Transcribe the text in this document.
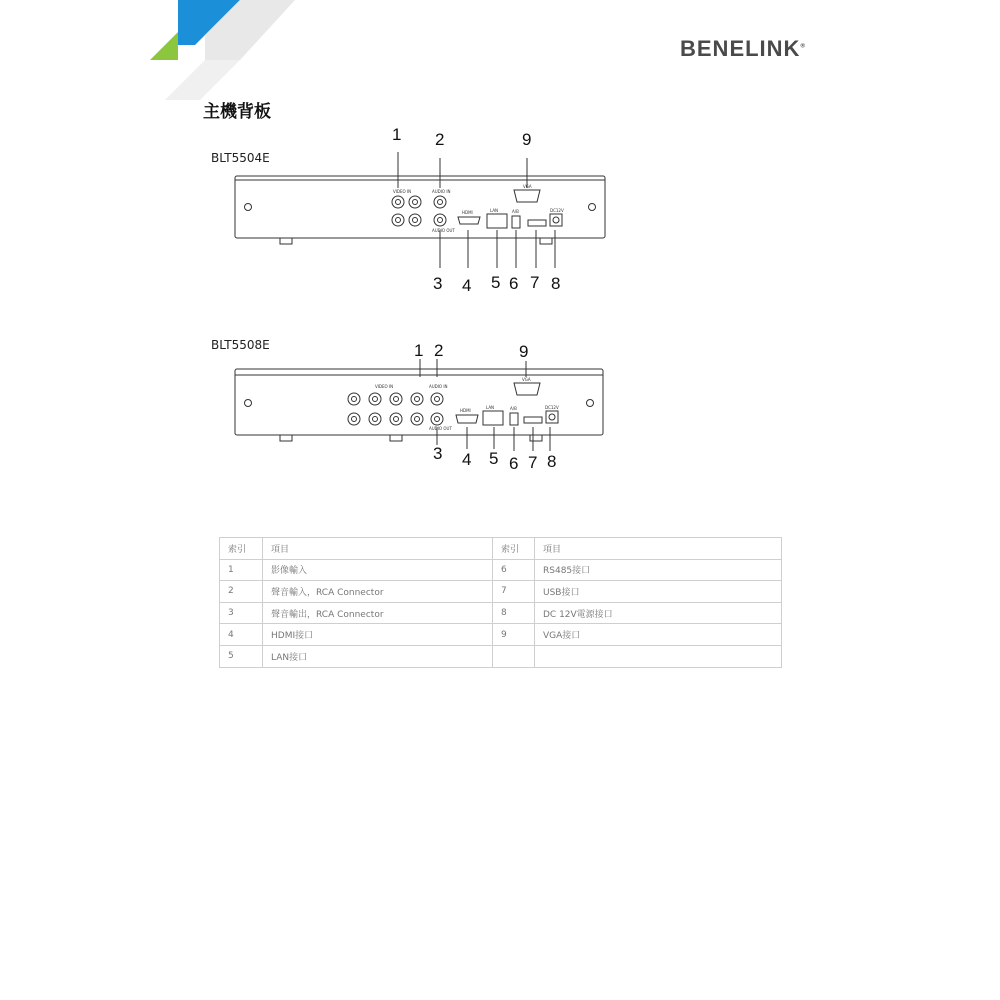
BENELINK®
主機背板
BLT5504E
1 2	9
3 4 5 6 7 8
VIDEO IN	AUDIO IN
AUDIO OUT
VGA
HDMI	A/B	DC12V
LAN
BLT5508E	1 2	9
3 4 5 6 7 8
VIDEO IN	AUDIO IN
AUDIO OUT
VGA
HDMI	A/B	DC12V
LAN
索引	項目	索引	項目
1	影像輸入	6	RS485接口
2	聲音輸入，RCA Connector	7	USB接口
3	聲音輸出，RCA Connector	8	DC 12V電源接口
4	HDMI接口	9	VGA接口
5	LAN接口		
